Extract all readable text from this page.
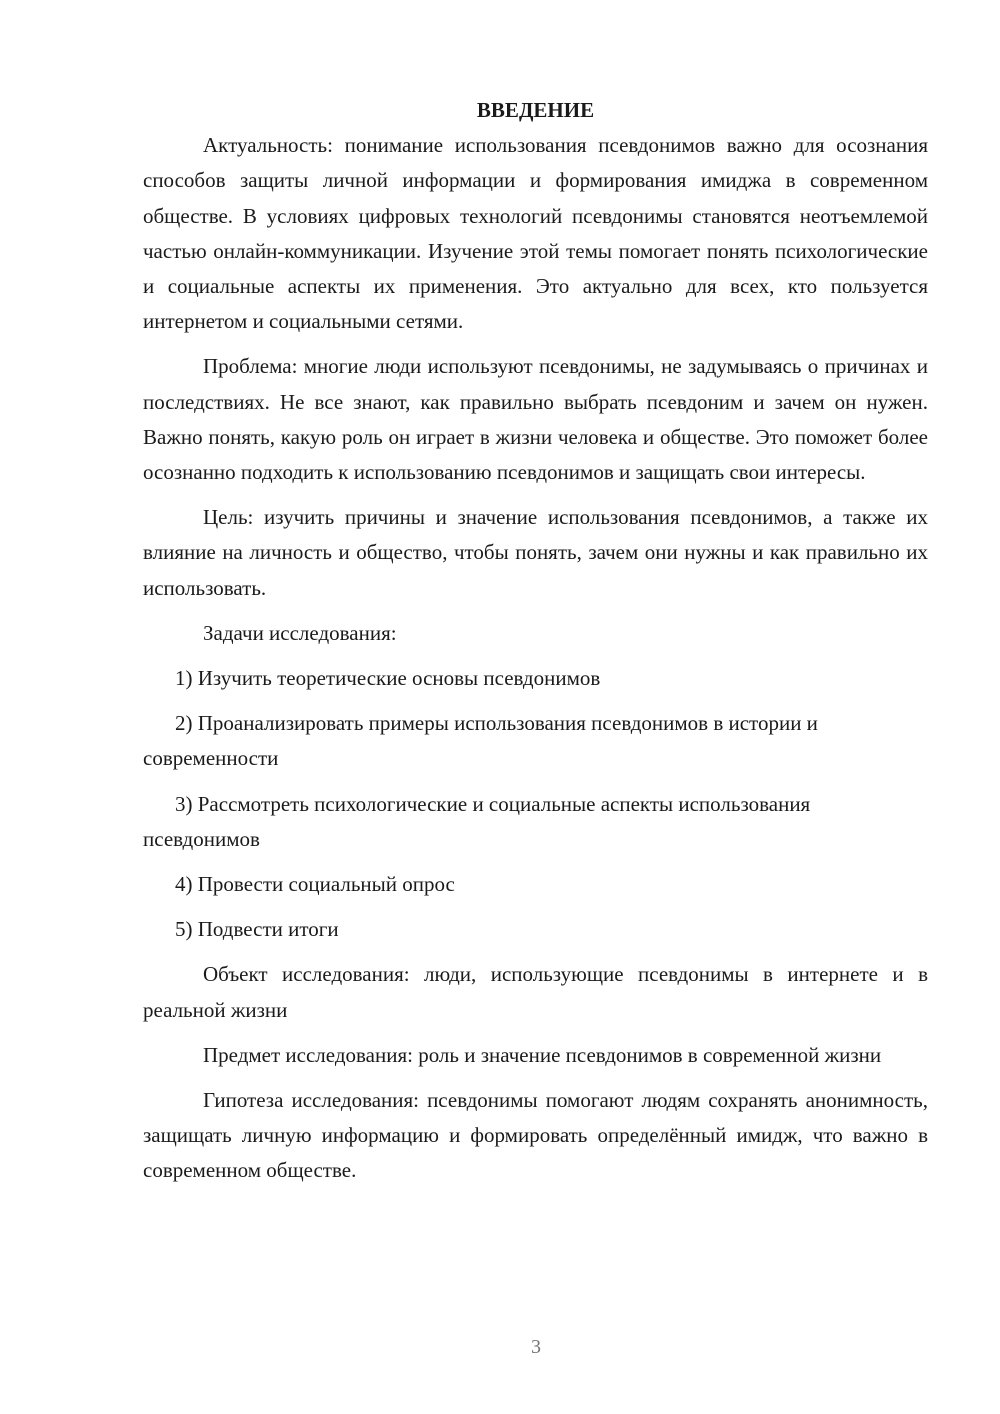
ВВЕДЕНИЕ

Актуальность: понимание использования псевдонимов важно для осознания способов защиты личной информации и формирования имиджа в современном обществе. В условиях цифровых технологий псевдонимы становятся неотъемлемой частью онлайн-коммуникации. Изучение этой темы помогает понять психологические и социальные аспекты их применения. Это актуально для всех, кто пользуется интернетом и социальными сетями.

Проблема: многие люди используют псевдонимы, не задумываясь о причинах и последствиях. Не все знают, как правильно выбрать псевдоним и зачем он нужен. Важно понять, какую роль он играет в жизни человека и обществе. Это поможет более осознанно подходить к использованию псевдонимов и защищать свои интересы.

Цель: изучить причины и значение использования псевдонимов, а также их влияние на личность и общество, чтобы понять, зачем они нужны и как правильно их использовать.

Задачи исследования:

1) Изучить теоретические основы псевдонимов

2) Проанализировать примеры использования псевдонимов в истории и современности

3) Рассмотреть психологические и социальные аспекты использования псевдонимов

4) Провести социальный опрос

5) Подвести итоги

Объект исследования: люди, использующие псевдонимы в интернете и в реальной жизни

Предмет исследования: роль и значение псевдонимов в современной жизни

Гипотеза исследования: псевдонимы помогают людям сохранять анонимность, защищать личную информацию и формировать определённый имидж, что важно в современном обществе.

3
